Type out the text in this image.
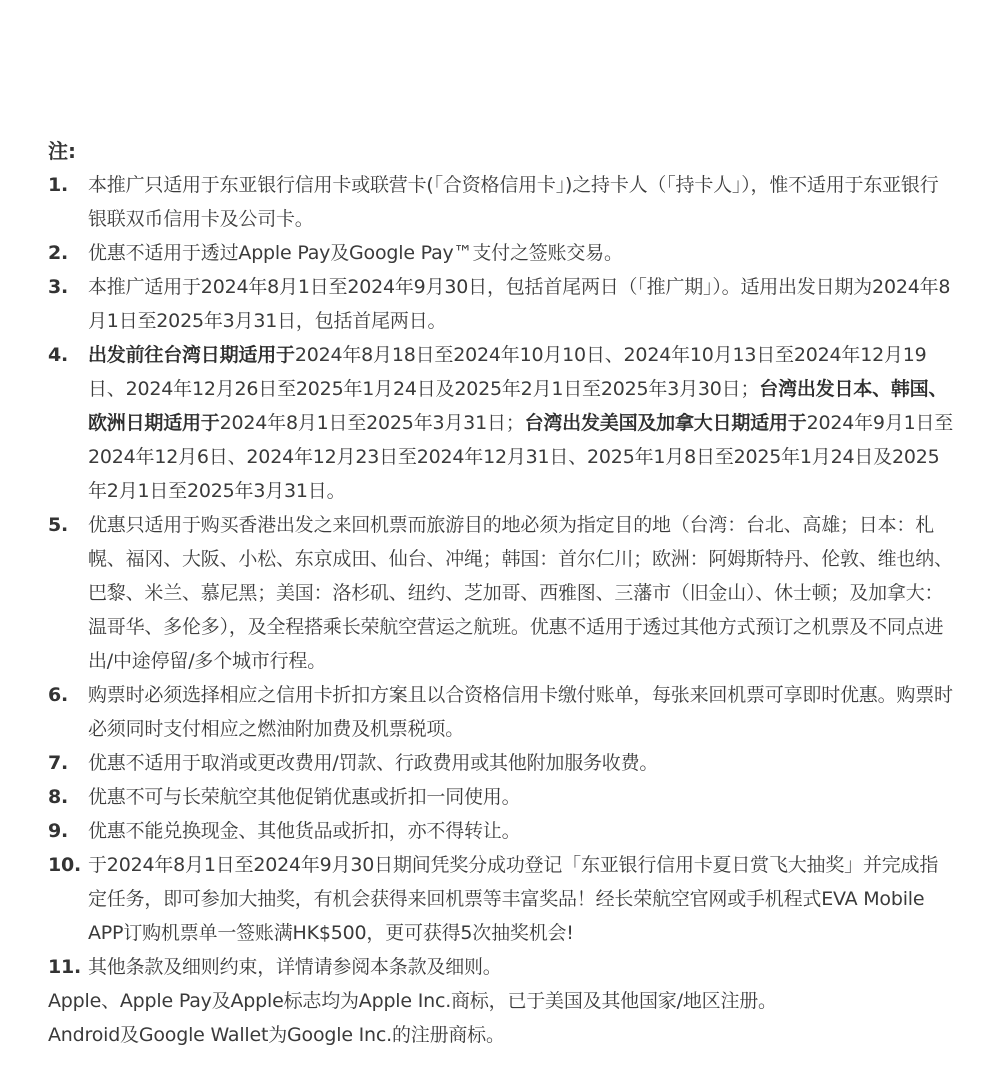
注:
1. 本推广只适用于东亚银行信用卡或联营卡(「合资格信用卡」)之持卡人（「持卡人」），惟不适用于东亚银行银联双币信用卡及公司卡。
2. 优惠不适用于透过Apple Pay及Google Pay™支付之签账交易。
3. 本推广适用于2024年8月1日至2024年9月30日，包括首尾两日（「推广期」）。适用出发日期为2024年8月1日至2025年3月31日，包括首尾两日。
4. 出发前往台湾日期适用于2024年8月18日至2024年10月10日、2024年10月13日至2024年12月19日、2024年12月26日至2025年1月24日及2025年2月1日至2025年3月30日；台湾出发日本、韩国、欧洲日期适用于2024年8月1日至2025年3月31日；台湾出发美国及加拿大日期适用于2024年9月1日至2024年12月6日、2024年12月23日至2024年12月31日、2025年1月8日至2025年1月24日及2025年2月1日至2025年3月31日。
5. 优惠只适用于购买香港出发之来回机票而旅游目的地必须为指定目的地（台湾：台北、高雄；日本：札幌、福冈、大阪、小松、东京成田、仙台、冲绳；韩国：首尔仁川；欧洲：阿姆斯特丹、伦敦、维也纳、巴黎、米兰、慕尼黑；美国：洛杉矶、纽约、芝加哥、西雅图、三藩市（旧金山）、休士顿；及加拿大：温哥华、多伦多），及全程搭乘长荣航空营运之航班。优惠不适用于透过其他方式预订之机票及不同点进出/中途停留/多个城市行程。
6. 购票时必须选择相应之信用卡折扣方案且以合资格信用卡缴付账单，每张来回机票可享即时优惠。购票时必须同时支付相应之燃油附加费及机票税项。
7. 优惠不适用于取消或更改费用/罚款、行政费用或其他附加服务收费。
8. 优惠不可与长荣航空其他促销优惠或折扣一同使用。
9. 优惠不能兑换现金、其他货品或折扣，亦不得转让。
10. 于2024年8月1日至2024年9月30日期间凭奖分成功登记「东亚银行信用卡夏日赏飞大抽奖」并完成指定任务，即可参加大抽奖，有机会获得来回机票等丰富奖品！经长荣航空官网或手机程式EVA Mobile APP订购机票单一签账满HK$500，更可获得5次抽奖机会!
11. 其他条款及细则约束，详情请参阅本条款及细则。
Apple、Apple Pay及Apple标志均为Apple Inc.商标，已于美国及其他国家/地区注册。
Android及Google Wallet为Google Inc.的注册商标。
